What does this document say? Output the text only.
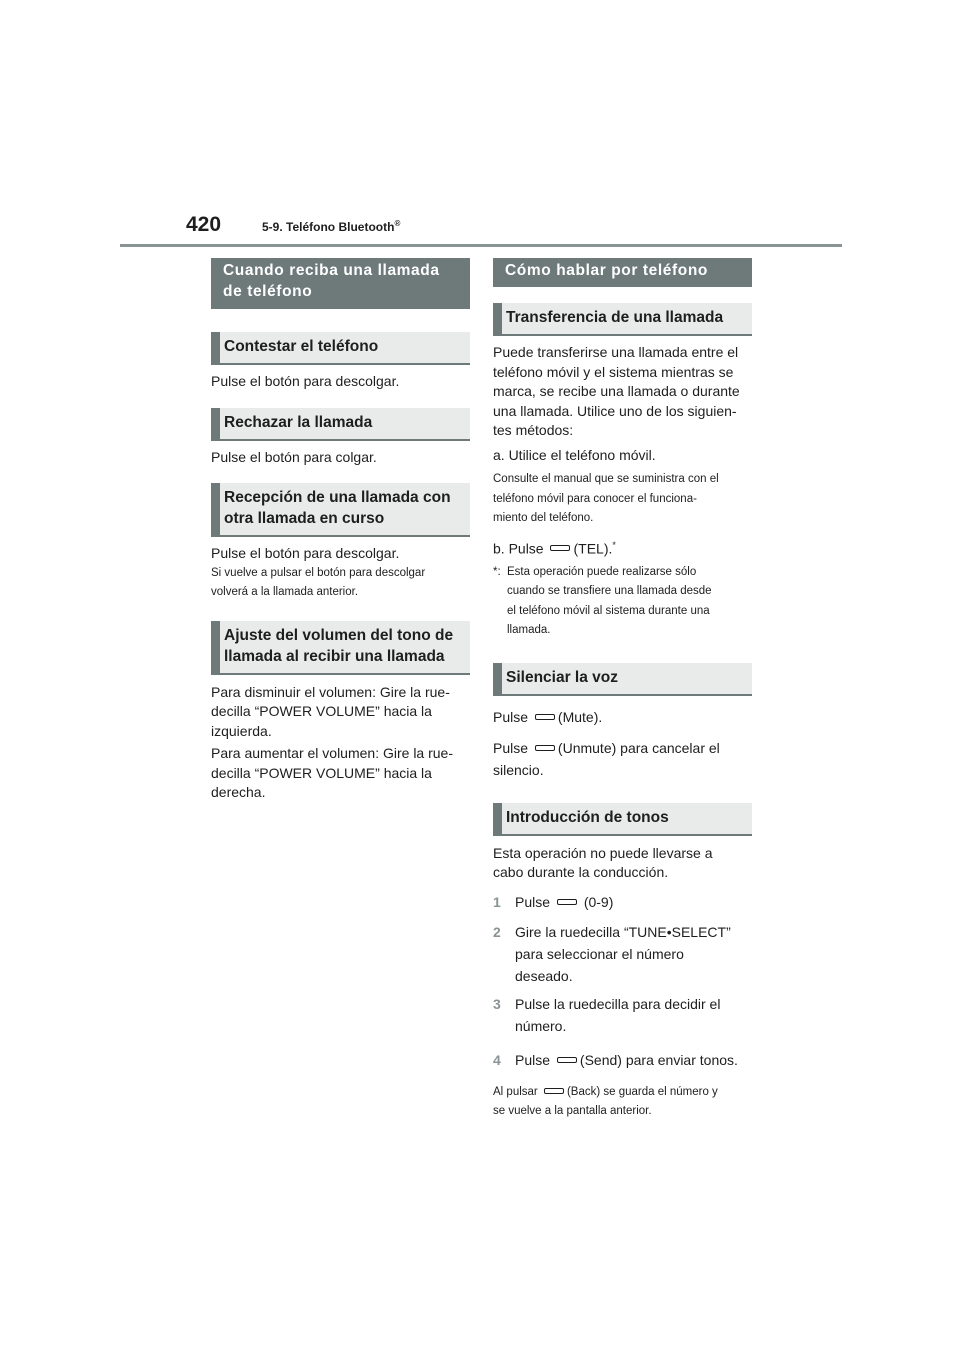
420	5-9. Teléfono Bluetooth®
Cuando reciba una llamada de teléfono
Contestar el teléfono

Pulse el botón para descolgar.

Rechazar la llamada

Pulse el botón para colgar.

Recepción de una llamada con otra llamada en curso

Pulse el botón para descolgar.

Si vuelve a pulsar el botón para descolgar

volverá a la llamada anterior.

Ajuste del volumen del tono de llamada al recibir una llamada

Para disminuir el volumen: Gire la rue-

decilla “POWER VOLUME” hacia la

izquierda.

Para aumentar el volumen: Gire la rue-

decilla “POWER VOLUME” hacia la

derecha.

Cómo hablar por teléfono
Transferencia de una llamada

Puede transferirse una llamada entre el

teléfono móvil y el sistema mientras se

marca, se recibe una llamada o durante

una llamada. Utilice uno de los siguien-

tes métodos:

a. Utilice el teléfono móvil.

Consulte el manual que se suministra con el

teléfono móvil para conocer el funciona-

miento del teléfono.

b. Pulse (TEL).*

*: Esta operación puede realizarse sólo
cuando se transfiere una llamada desde
el teléfono móvil al sistema durante una
llamada.
Silenciar la voz

Pulse (Mute).

Pulse (Unmute) para cancelar el

silencio.

Introducción de tonos

Esta operación no puede llevarse a

cabo durante la conducción.

1	Pulse (0-9)
2	Gire la ruedecilla “TUNE•SELECT”
para seleccionar el número
deseado.
3	Pulse la ruedecilla para decidir el
número.
4	Pulse (Send) para enviar tonos.

Al pulsar	(Back) se guarda el número y

se vuelve a la pantalla anterior.
